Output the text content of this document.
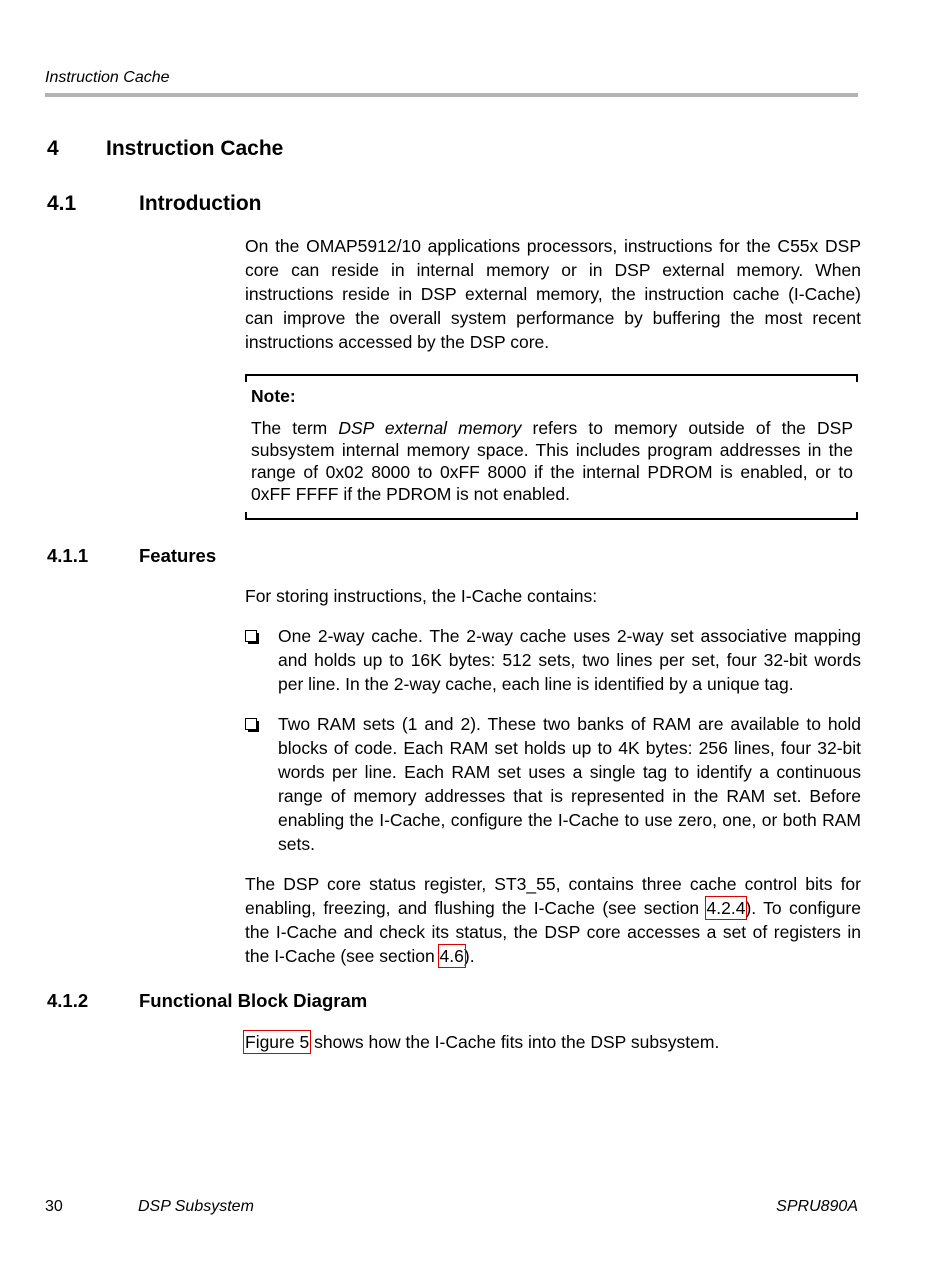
Instruction Cache
4 Instruction Cache
4.1	Introduction

On the OMAP5912/10 applications processors, instructions for the C55x DSP
core can reside in internal memory or in DSP external memory. When
instructions reside in DSP external memory, the instruction cache (I-Cache)
can improve the overall system performance by buffering the most recent
instructions accessed by the DSP core.

Note:
The term DSP external memory refers to memory outside of the DSP
subsystem internal memory space. This includes program addresses in the
range of 0x02 8000 to 0xFF 8000 if the internal PDROM is enabled, or to
0xFF FFFF if the PDROM is not enabled.
4.1.1	Features

For storing instructions, the I-Cache contains:

One 2-way cache. The 2-way cache uses 2-way set associative mapping
and holds up to 16K bytes: 512 sets, two lines per set, four 32-bit words
per line. In the 2-way cache, each line is identified by a unique tag.

Two RAM sets (1 and 2). These two banks of RAM are available to hold
blocks of code. Each RAM set holds up to 4K bytes: 256 lines, four 32-bit
words per line. Each RAM set uses a single tag to identify a continuous
range of memory addresses that is represented in the RAM set. Before
enabling the I-Cache, configure the I-Cache to use zero, one, or both RAM
sets.

The DSP core status register, ST3_55, contains three cache control bits for
enabling, freezing, and flushing the I-Cache (see section 4.2.4). To configure
the I-Cache and check its status, the DSP core accesses a set of registers in
the I-Cache (see section 4.6).

4.1.2	Functional Block Diagram

Figure 5 shows how the I-Cache fits into the DSP subsystem.

30	DSP Subsystem	SPRU890A
